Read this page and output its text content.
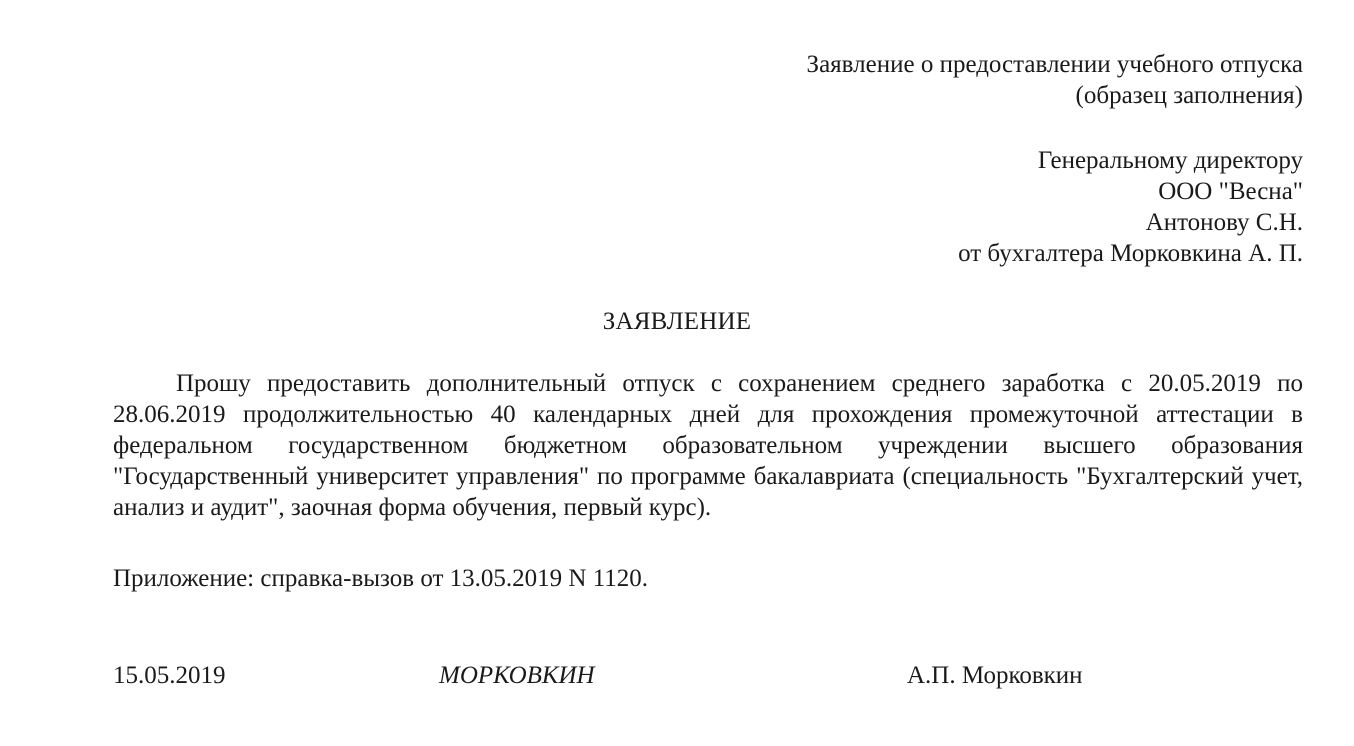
Заявление о предоставлении учебного отпуска
(образец заполнения)
Генеральному директору
ООО "Весна"
Антонову С.Н.
от бухгалтера Морковкина А. П.
ЗАЯВЛЕНИЕ
Прошу предоставить дополнительный отпуск с сохранением среднего заработка с 20.05.2019 по 28.06.2019 продолжительностью 40 календарных дней для прохождения промежуточной аттестации в федеральном государственном бюджетном образовательном учреждении высшего образования "Государственный университет управления" по программе бакалавриата (специальность "Бухгалтерский учет, анализ и аудит", заочная форма обучения, первый курс).
Приложение: справка-вызов от 13.05.2019 N 1120.
15.05.2019	МОРКОВКИН	А.П. Морковкин
